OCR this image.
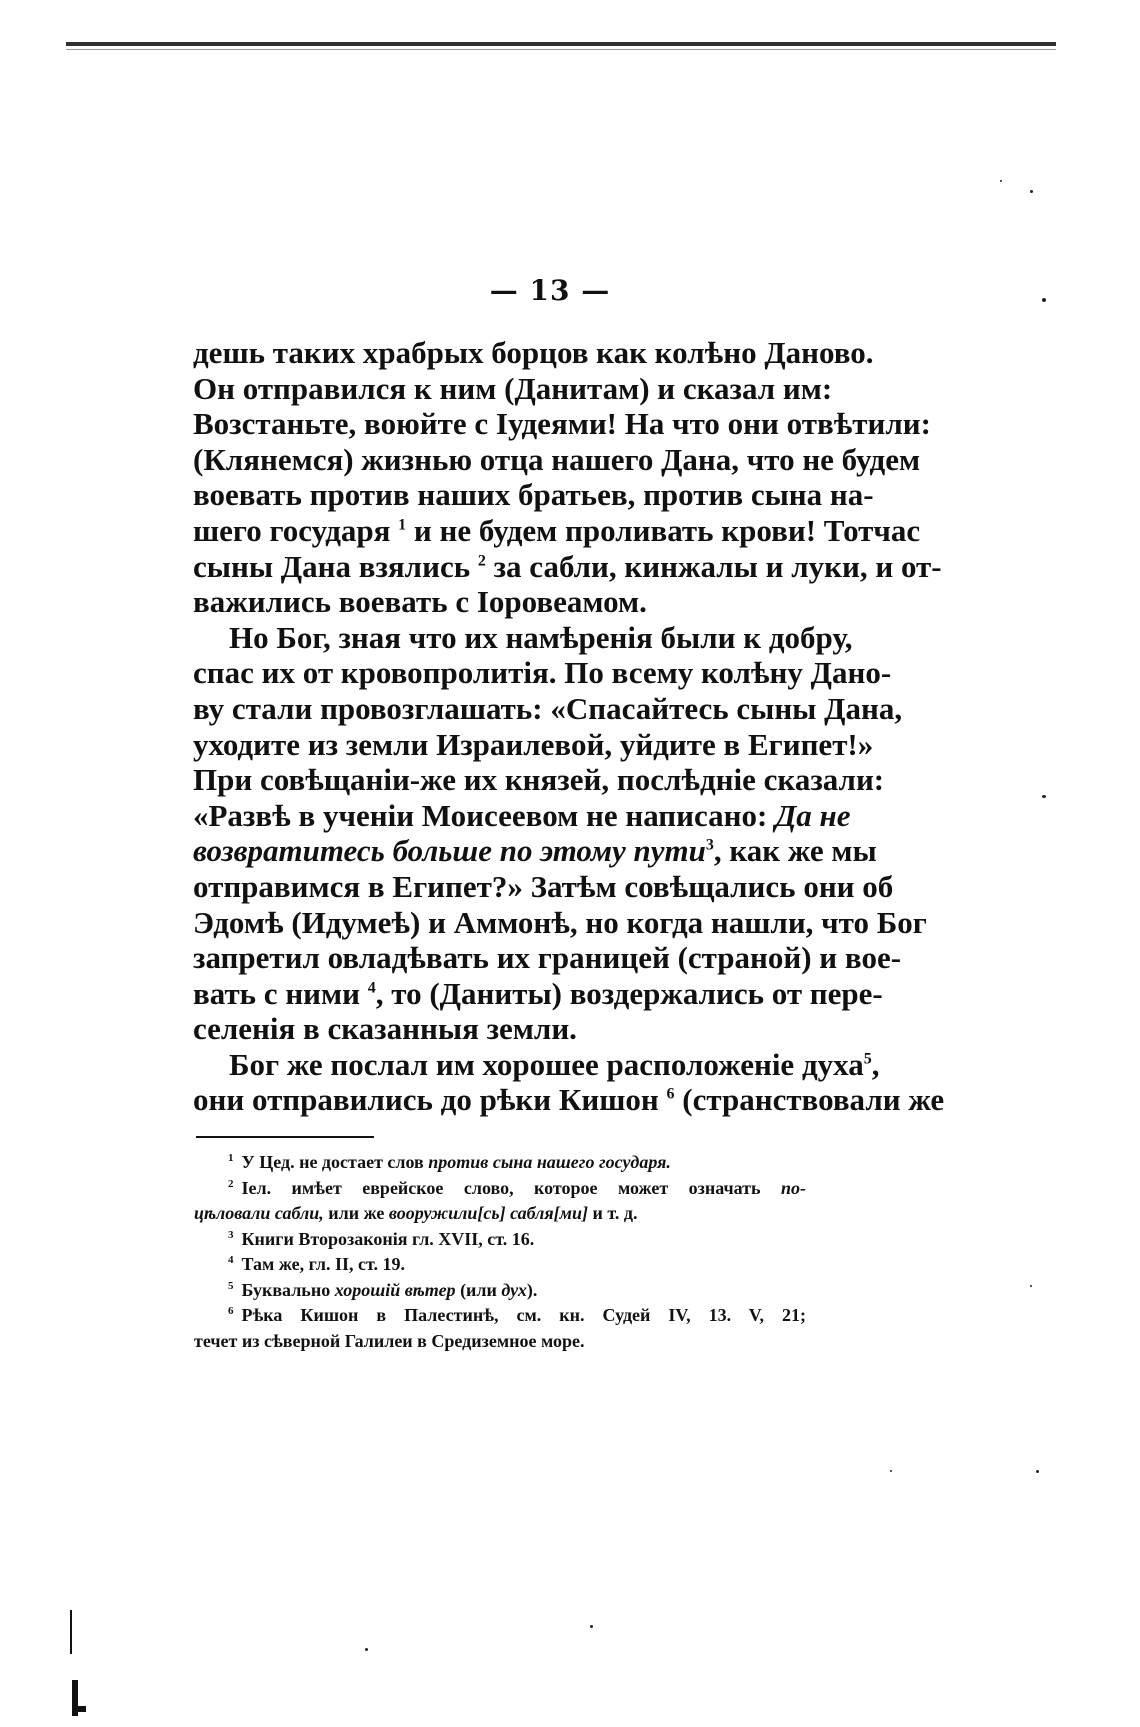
— 13 —
дешь таких храбрых борцов как колѣно Даново.
Он отправился к ним (Данитам) и сказал им:
Возстаньте, воюйте с Іудеями! На что они отвѣтили:
(Клянемся) жизнью отца нашего Дана, что не будем
воевать против наших братьев, против сына на-
шего государя $^1$ и не будем проливать крови! Тотчас
сыны Дана взялись $^2$ за сабли, кинжалы и луки, и от-
важились воевать с Іоровеамом.
Но Бог, зная что их намѣренія были к добру,
спас их от кровопролитія. По всему колѣну Дано-
ву стали провозглашать: «Спасайтесь сыны Дана,
уходите из земли Израилевой, уйдите в Египет!»
При совѣщаніи-же их князей, послѣдніе сказали:
«Развѣ в ученіи Моисеевом не написано: Да не
возвратитесь больше по этому пути$^3$, как же мы
отправимся в Египет?» Затѣм совѣщались они об
Эдомѣ (Идумеѣ) и Аммонѣ, но когда нашли, что Бог
запретил овладѣвать их границей (страной) и вое-
вать с ними $^4$, то (Даниты) воздержались от пере-
селенія в сказанныя земли.
Бог же послал им хорошее расположеніе духа$^5$,
они отправились до рѣки Кишон $^6$ (странствовали же
$^1$ У Цед. не достает слов против сына нашего государя.
$^2$ Іел. имѣет еврейское слово, которое может означать по-
цѣловали сабли, или же вооружили[сь] сабля[ми] и т. д.
$^3$ Книги Второзаконія гл. XVII, ст. 16.
$^4$ Там же, гл. II, ст. 19.
$^5$ Буквально хорошій вѣтер (или дух).
$^6$ Рѣка Кишон в Палестинѣ, см. кн. Судей IV, 13. V, 21;
течет из сѣверной Галилеи в Средиземное море.
